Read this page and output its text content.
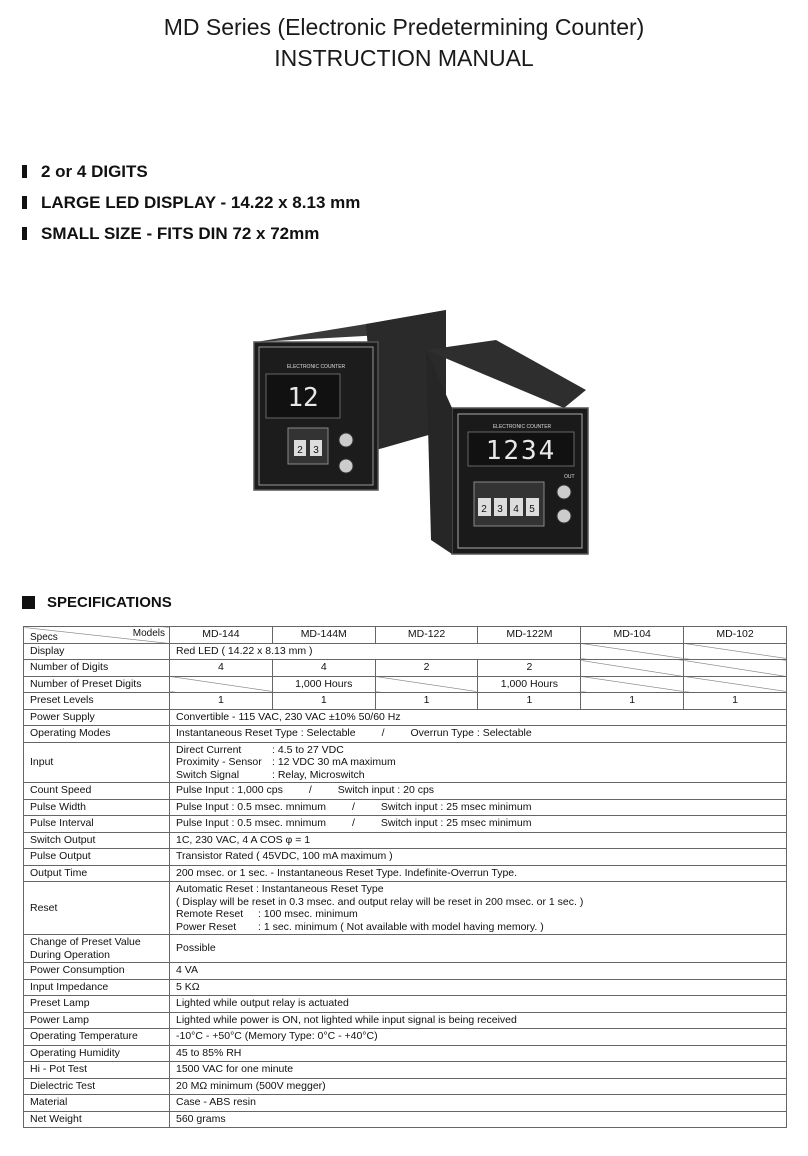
MD Series (Electronic Predetermining Counter)
INSTRUCTION MANUAL
2 or 4 DIGITS
LARGE LED DISPLAY - 14.22 x 8.13 mm
SMALL SIZE - FITS DIN 72 x 72mm
ELECTRONIC COUNTER
12
2 3
ELECTRONIC COUNTER
1234
2 3 4 5
OUT
SPECIFICATIONS
Models
Specs	MD-144	MD-144M	MD-122	MD-122M	MD-104	MD-102
Display	Red LED ( 14.22 x 8.13 mm )					
Number of Digits	4	4	2	2		
Number of Preset Digits		1,000 Hours		1,000 Hours		
Preset Levels	1	1	1	1	1	1
Power Supply	Convertible - 115 VAC, 230 VAC ±10% 50/60 Hz					
Operating Modes	Instantaneous Reset Type : Selectable / Overrun Type : Selectable					
Input	Direct Current : 4.5 to 27 VDC
Proximity - Sensor : 12 VDC 30 mA maximum
Switch Signal : Relay, Microswitch					

Count Speed	Pulse Input : 1,000 cps / Switch input : 20 cps					
Pulse Width	Pulse Input : 0.5 msec. mnimum / Switch input : 25 msec minimum					
Pulse Interval	Pulse Input : 0.5 msec. mnimum / Switch input : 25 msec minimum					
Switch Output	1C, 230 VAC, 4 A COS φ = 1					
Pulse Output	Transistor Rated ( 45VDC, 100 mA maximum )					
Output Time	200 msec. or 1 sec. - Instantaneous Reset Type. Indefinite-Overrun Type.					
Reset	Automatic Reset : Instantaneous Reset Type
( Display will be reset in 0.3 msec. and output relay will be reset in 200 msec. or 1 sec. )
Remote Reset : 100 msec. minimum
Power Reset : 1 sec. minimum ( Not available with model having memory. )					

Change of Preset Value
During Operation	Possible					
Power Consumption	4 VA					
Input Impedance	5 KΩ					
Preset Lamp	Lighted while output relay is actuated					
Power Lamp	Lighted while power is ON, not lighted while input signal is being received					
Operating Temperature	-10°C - +50°C (Memory Type: 0°C - +40°C)					
Operating Humidity	45 to 85% RH					
Hi - Pot Test	1500 VAC for one minute					
Dielectric Test	20 MΩ minimum (500V megger)					
Material	Case - ABS resin					
Net Weight	560 grams					
